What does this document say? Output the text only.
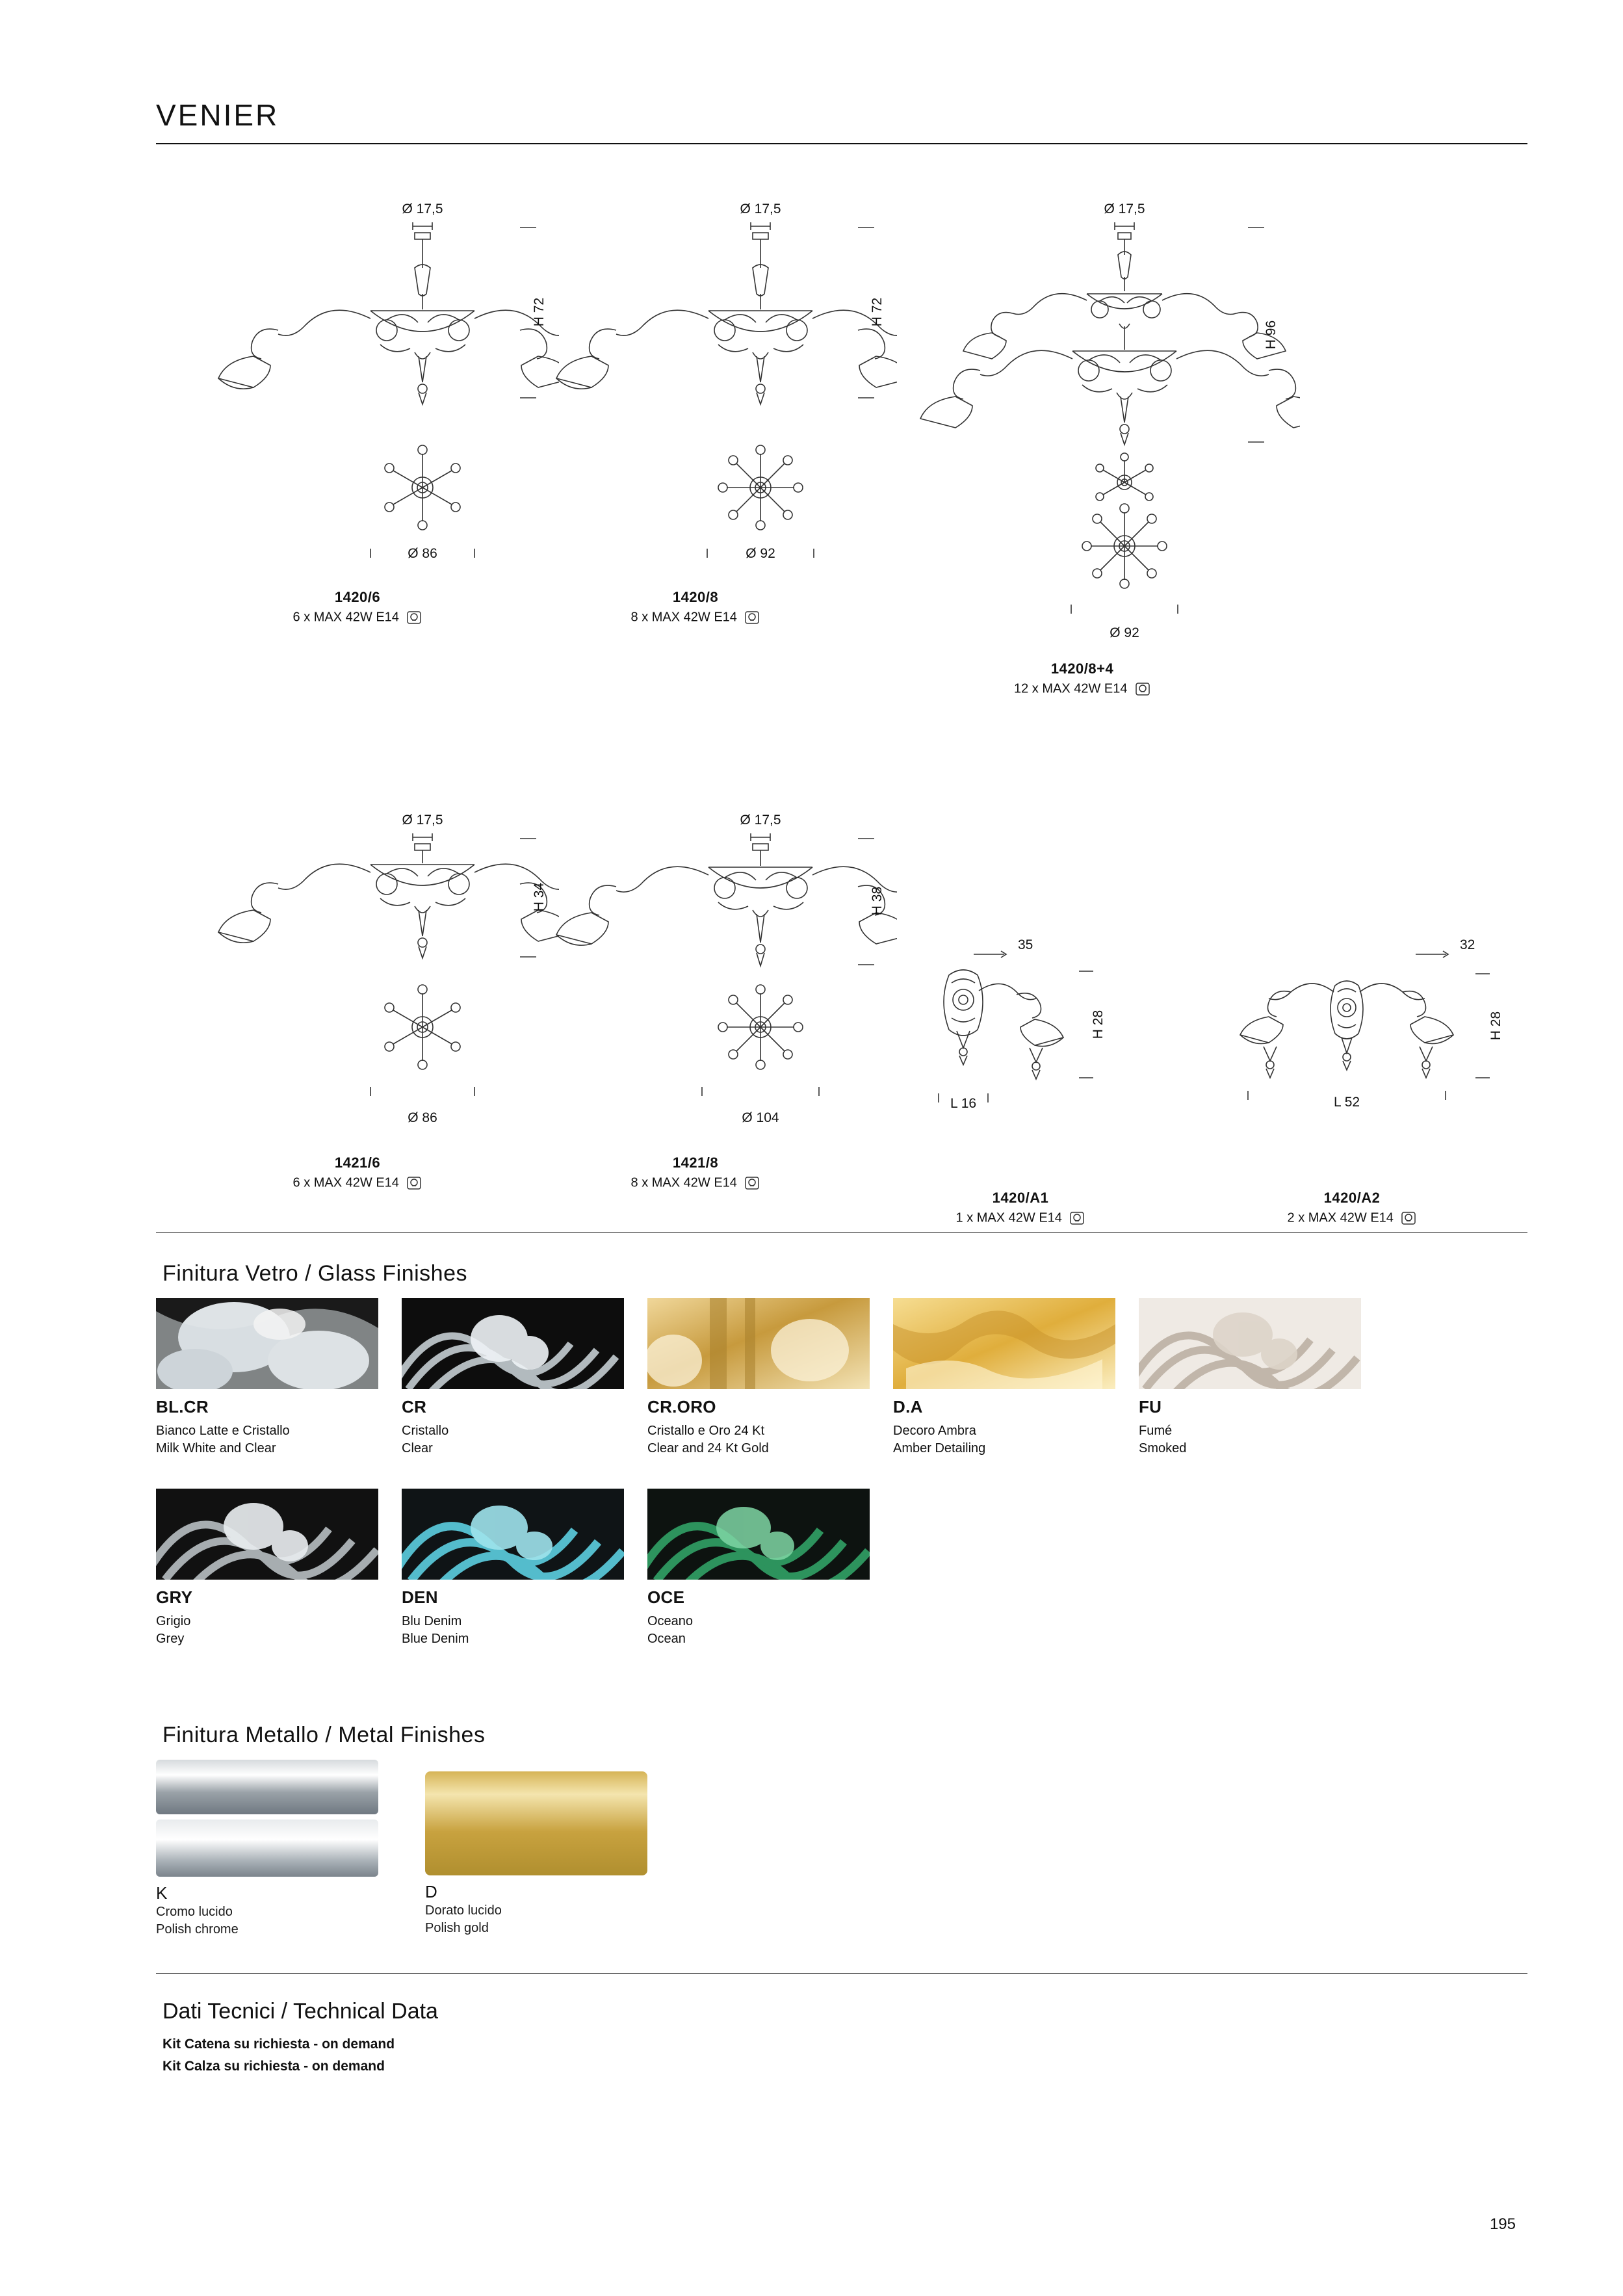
VENIER
Ø 17,5
H 72
Ø 86
1420/6
6 x MAX 42W E14
Ø 17,5
H 72
Ø 92
1420/8
8 x MAX 42W E14
Ø 17,5
H 96
Ø 92
1420/8+4
12 x MAX 42W E14
Ø 17,5
H 34
Ø 86
1421/6
6 x MAX 42W E14
Ø 17,5
H 38
Ø 104
1421/8
8 x MAX 42W E14
35
H 28
L 16
1420/A1
1 x MAX 42W E14
32
H 28
L 52
1420/A2
2 x MAX 42W E14
Finitura Vetro / Glass Finishes
BL.CR
Bianco Latte e Cristallo
Milk White and Clear
CR
Cristallo
Clear
CR.ORO
Cristallo e Oro 24 Kt
Clear and 24 Kt Gold
D.A
Decoro Ambra
Amber Detailing
FU
Fumé
Smoked
GRY
Grigio
Grey
DEN
Blu Denim
Blue Denim
OCE
Oceano
Ocean
Finitura Metallo / Metal Finishes
K
Cromo lucido
Polish chrome
D
Dorato lucido
Polish gold
Dati Tecnici / Technical Data
Kit Catena su richiesta - on demand
Kit Calza su richiesta - on demand
195
